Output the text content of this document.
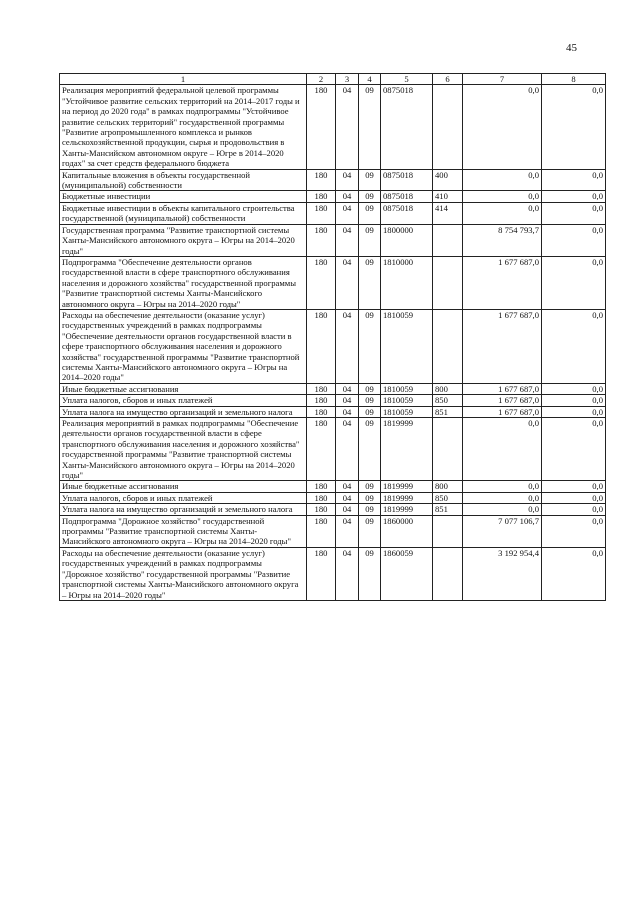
45
1	2	3	4	5	6	7	8
Реализация мероприятий федеральной целевой программы "Устойчивое развитие сельских территорий на 2014–2017 годы и на период до 2020 года" в рамках подпрограммы "Устойчивое развитие сельских территорий" государственной программы "Развитие агропромышленного комплекса и рынков сельскохозяйственной продукции, сырья и продовольствия в Ханты-Мансийском автономном округе – Югре в 2014–2020 годах" за счет средств федерального бюджета	180	04	09	0875018		0,0	0,0
Капитальные вложения в объекты государственной (муниципальной) собственности	180	04	09	0875018	400	0,0	0,0
Бюджетные инвестиции	180	04	09	0875018	410	0,0	0,0
Бюджетные инвестиции в объекты капитального строительства государственной (муниципальной) собственности	180	04	09	0875018	414	0,0	0,0
Государственная программа "Развитие транспортной системы Ханты-Мансийского автономного округа – Югры на 2014–2020 годы"	180	04	09	1800000		8 754 793,7	0,0
Подпрограмма "Обеспечение деятельности органов государственной власти в сфере транспортного обслуживания населения и дорожного хозяйства" государственной программы "Развитие транспортной системы Ханты-Мансийского автономного округа – Югры на 2014–2020 годы"	180	04	09	1810000		1 677 687,0	0,0
Расходы на обеспечение деятельности (оказание услуг) государственных учреждений в рамках подпрограммы "Обеспечение деятельности органов государственной власти в сфере транспортного обслуживания населения и дорожного хозяйства" государственной программы "Развитие транспортной системы Ханты-Мансийского автономного округа – Югры на 2014–2020 годы"	180	04	09	1810059		1 677 687,0	0,0
Иные бюджетные ассигнования	180	04	09	1810059	800	1 677 687,0	0,0
Уплата налогов, сборов и иных платежей	180	04	09	1810059	850	1 677 687,0	0,0
Уплата налога на имущество организаций и земельного налога	180	04	09	1810059	851	1 677 687,0	0,0
Реализация мероприятий в рамках подпрограммы "Обеспечение деятельности органов государственной власти в сфере транспортного обслуживания населения и дорожного хозяйства" государственной программы "Развитие транспортной системы Ханты-Мансийского автономного округа – Югры на 2014–2020 годы"	180	04	09	1819999		0,0	0,0
Иные бюджетные ассигнования	180	04	09	1819999	800	0,0	0,0
Уплата налогов, сборов и иных платежей	180	04	09	1819999	850	0,0	0,0
Уплата налога на имущество организаций и земельного налога	180	04	09	1819999	851	0,0	0,0
Подпрограмма "Дорожное хозяйство" государственной программы "Развитие транспортной системы Ханты-Мансийского автономного округа – Югры на 2014–2020 годы"	180	04	09	1860000		7 077 106,7	0,0
Расходы на обеспечение деятельности (оказание услуг) государственных учреждений в рамках подпрограммы "Дорожное хозяйство" государственной программы "Развитие транспортной системы Ханты-Мансийского автономного округа – Югры на 2014–2020 годы"	180	04	09	1860059		3 192 954,4	0,0
